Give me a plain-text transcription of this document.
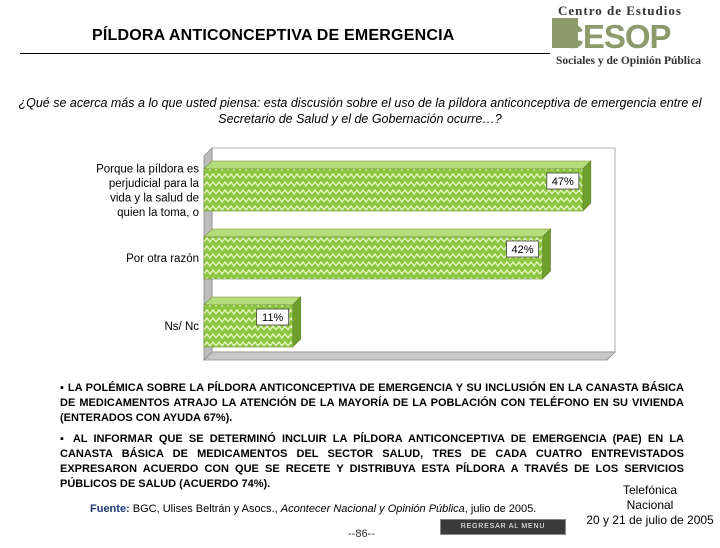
PÍLDORA ANTICONCEPTIVA DE EMERGENCIA
Centro de Estudios
CESOP
Sociales y de Opinión Pública
¿Qué se acerca más a lo que usted piensa: esta discusión sobre el uso de la píldora anticonceptiva de emergencia entre el Secretario de Salud y el de Gobernación ocurre…?
47%
42%
11%
Porque la píldora es perjudicial para la vida y la salud de quien la toma, o
Por otra razón
Ns/ Nc

▪ LA POLÉMICA SOBRE LA PÍLDORA ANTICONCEPTIVA DE EMERGENCIA Y SU INCLUSIÓN EN LA CANASTA BÁSICA DE MEDICAMENTOS ATRAJO LA ATENCIÓN DE LA MAYORÍA DE LA POBLACIÓN CON TELÉFONO EN SU VIVIENDA (ENTERADOS CON AYUDA 67%).

▪ AL INFORMAR QUE SE DETERMINÓ INCLUIR LA PÍLDORA ANTICONCEPTIVA DE EMERGENCIA (PAE) EN LA CANASTA BÁSICA DE MEDICAMENTOS DEL SECTOR SALUD, TRES DE CADA CUATRO ENTREVISTADOS EXPRESARON ACUERDO CON QUE SE RECETE Y DISTRIBUYA ESTA PÍLDORA A TRAVÉS DE LOS SERVICIOS PÚBLICOS DE SALUD (ACUERDO 74%).

Fuente: BGC, Ulises Beltrán y Asocs., Acontecer Nacional y Opinión Pública, julio de 2005.
--86--
REGRESAR AL MENU PRINCIPAL
Telefónica
Nacional
20 y 21 de julio de 2005
